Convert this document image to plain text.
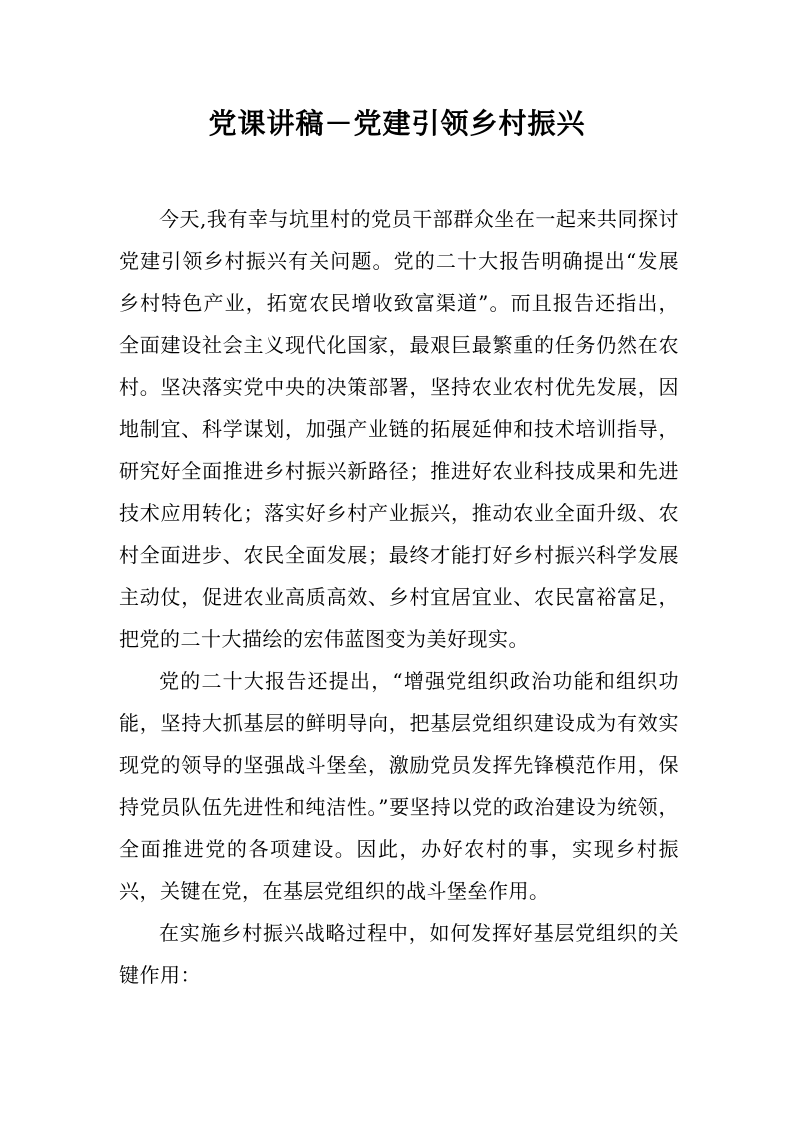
党课讲稿－党建引领乡村振兴

今天,我有幸与坑里村的党员干部群众坐在一起来共同探讨党建引领乡村振兴有关问题。党的二十大报告明确提出“发展乡村特色产业，拓宽农民增收致富渠道”。而且报告还指出，全面建设社会主义现代化国家，最艰巨最繁重的任务仍然在农村。坚决落实党中央的决策部署，坚持农业农村优先发展，因地制宜、科学谋划，加强产业链的拓展延伸和技术培训指导，研究好全面推进乡村振兴新路径；推进好农业科技成果和先进技术应用转化；落实好乡村产业振兴，推动农业全面升级、农村全面进步、农民全面发展；最终才能打好乡村振兴科学发展主动仗，促进农业高质高效、乡村宜居宜业、农民富裕富足，把党的二十大描绘的宏伟蓝图变为美好现实。

党的二十大报告还提出，“增强党组织政治功能和组织功能，坚持大抓基层的鲜明导向，把基层党组织建设成为有效实现党的领导的坚强战斗堡垒，激励党员发挥先锋模范作用，保持党员队伍先进性和纯洁性。”要坚持以党的政治建设为统领，全面推进党的各项建设。因此，办好农村的事，实现乡村振兴，关键在党，在基层党组织的战斗堡垒作用。

在实施乡村振兴战略过程中，如何发挥好基层党组织的关键作用：
